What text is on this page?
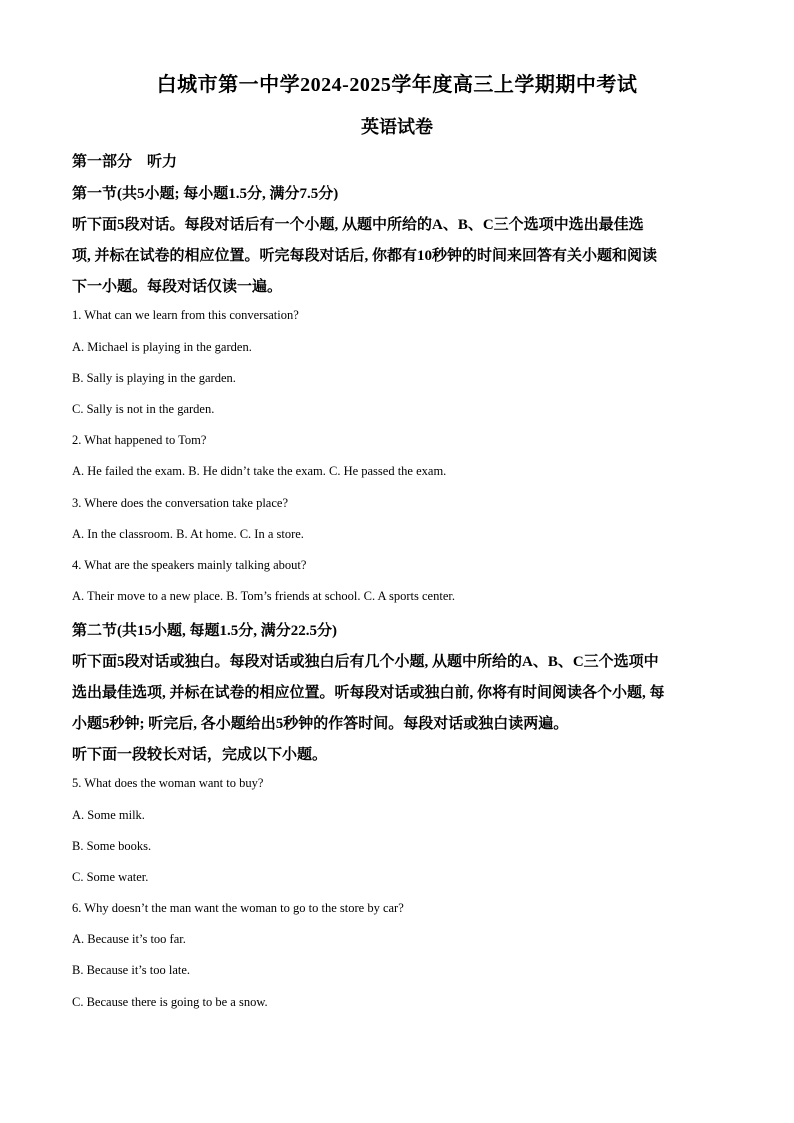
白城市第一中学2024-2025学年度高三上学期期中考试
英语试卷
第一部分　听力
第一节(共5小题; 每小题1.5分, 满分7.5分)
听下面5段对话。每段对话后有一个小题, 从题中所给的A、B、C三个选项中选出最佳选
项, 并标在试卷的相应位置。听完每段对话后, 你都有10秒钟的时间来回答有关小题和阅读
下一小题。每段对话仅读一遍。
1. What can we learn from this conversation?
A. Michael is playing in the garden.
B. Sally is playing in the garden.
C. Sally is not in the garden.
2. What happened to Tom?
A. He failed the exam. B. He didn’t take the exam. C. He passed the exam.
3. Where does the conversation take place?
A. In the classroom. B. At home. C. In a store.
4. What are the speakers mainly talking about?
A. Their move to a new place. B. Tom’s friends at school. C. A sports center.
第二节(共15小题, 每题1.5分, 满分22.5分)
听下面5段对话或独白。每段对话或独白后有几个小题, 从题中所给的A、B、C三个选项中
选出最佳选项, 并标在试卷的相应位置。听每段对话或独白前, 你将有时间阅读各个小题, 每
小题5秒钟; 听完后, 各小题给出5秒钟的作答时间。每段对话或独白读两遍。
听下面一段较长对话，完成以下小题。
5. What does the woman want to buy?
A. Some milk.
B. Some books.
C. Some water.
6. Why doesn’t the man want the woman to go to the store by car?
A. Because it’s too far.
B. Because it’s too late.
C. Because there is going to be a snow.
